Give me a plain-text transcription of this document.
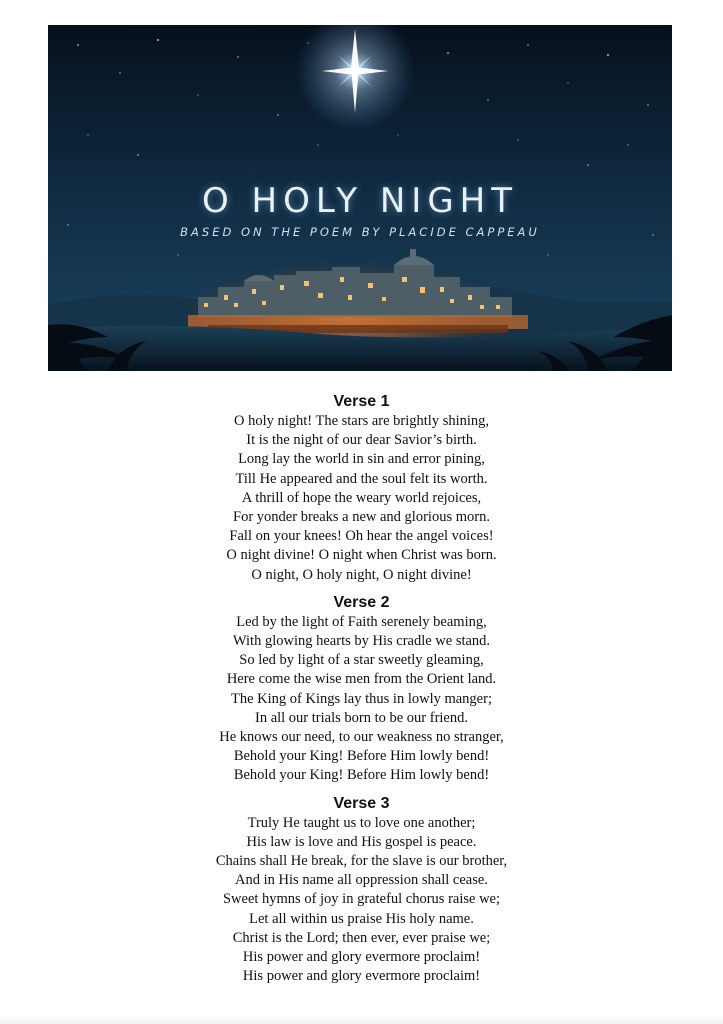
O HOLY NIGHT
BASED ON THE POEM BY PLACIDE CAPPEAU
Verse 1
O holy night! The stars are brightly shining,
It is the night of our dear Savior’s birth.
Long lay the world in sin and error pining,
Till He appeared and the soul felt its worth.
A thrill of hope the weary world rejoices,
For yonder breaks a new and glorious morn.
Fall on your knees! Oh hear the angel voices!
O night divine! O night when Christ was born.
O night, O holy night, O night divine!
Verse 2
Led by the light of Faith serenely beaming,
With glowing hearts by His cradle we stand.
So led by light of a star sweetly gleaming,
Here come the wise men from the Orient land.
The King of Kings lay thus in lowly manger;
In all our trials born to be our friend.
He knows our need, to our weakness no stranger,
Behold your King! Before Him lowly bend!
Behold your King! Before Him lowly bend!
Verse 3
Truly He taught us to love one another;
His law is love and His gospel is peace.
Chains shall He break, for the slave is our brother,
And in His name all oppression shall cease.
Sweet hymns of joy in grateful chorus raise we;
Let all within us praise His holy name.
Christ is the Lord; then ever, ever praise we;
His power and glory evermore proclaim!
His power and glory evermore proclaim!
